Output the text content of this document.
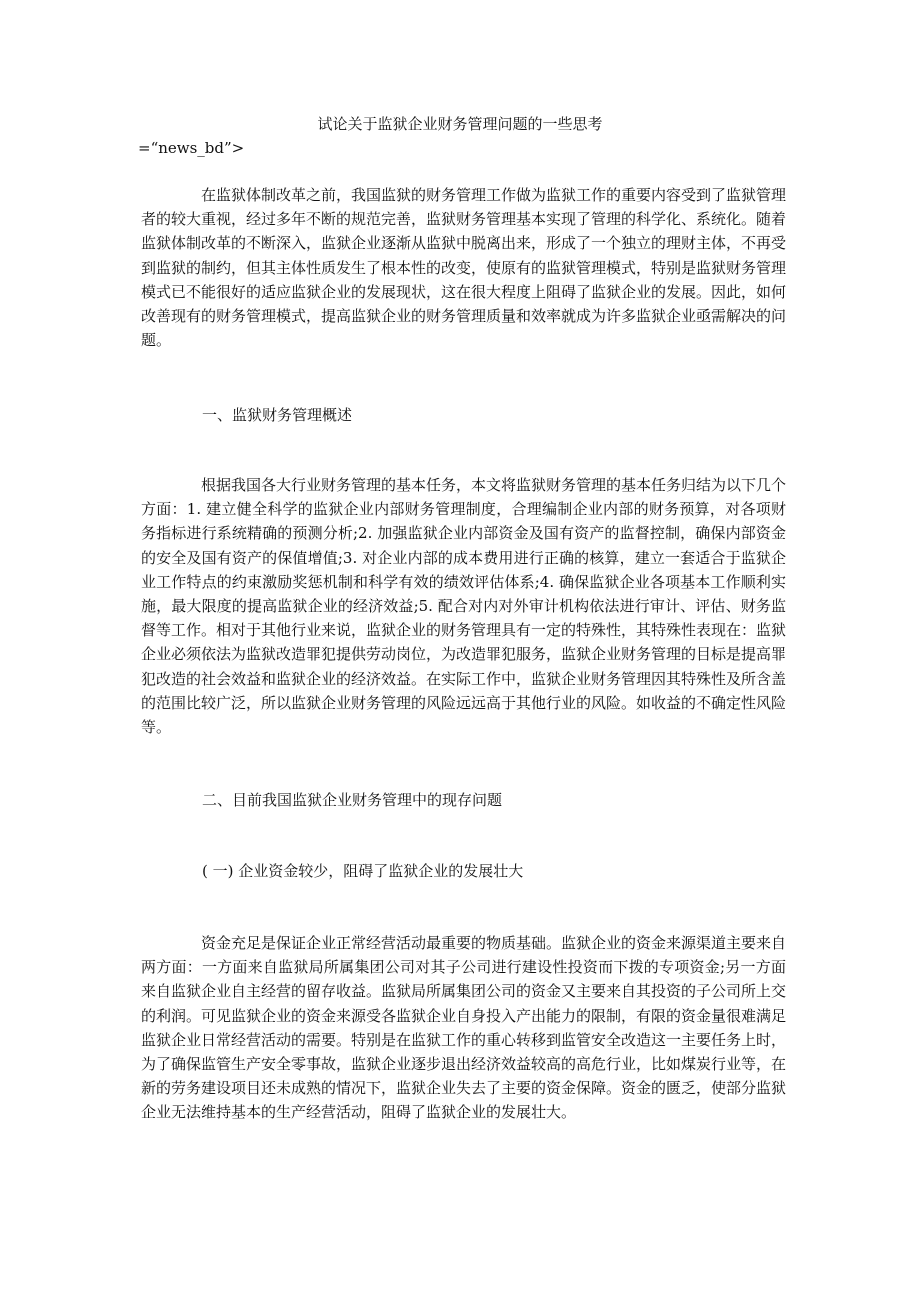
试论关于监狱企业财务管理问题的一些思考
=“news_bd”>

在监狱体制改革之前，我国监狱的财务管理工作做为监狱工作的重要内容受到了监狱管理者的较大重视，经过多年不断的规范完善，监狱财务管理基本实现了管理的科学化、系统化。随着监狱体制改革的不断深入，监狱企业逐渐从监狱中脱离出来，形成了一个独立的理财主体，不再受到监狱的制约，但其主体性质发生了根本性的改变，使原有的监狱管理模式，特别是监狱财务管理模式已不能很好的适应监狱企业的发展现状，这在很大程度上阻碍了监狱企业的发展。因此，如何改善现有的财务管理模式，提高监狱企业的财务管理质量和效率就成为许多监狱企业亟需解决的问题。

一、监狱财务管理概述

根据我国各大行业财务管理的基本任务，本文将监狱财务管理的基本任务归结为以下几个方面：1. 建立健全科学的监狱企业内部财务管理制度，合理编制企业内部的财务预算，对各项财务指标进行系统精确的预测分析;2. 加强监狱企业内部资金及国有资产的监督控制，确保内部资金的安全及国有资产的保值增值;3. 对企业内部的成本费用进行正确的核算，建立一套适合于监狱企业工作特点的约束激励奖惩机制和科学有效的绩效评估体系;4. 确保监狱企业各项基本工作顺利实施，最大限度的提高监狱企业的经济效益;5. 配合对内对外审计机构依法进行审计、评估、财务监督等工作。相对于其他行业来说，监狱企业的财务管理具有一定的特殊性，其特殊性表现在：监狱企业必须依法为监狱改造罪犯提供劳动岗位，为改造罪犯服务，监狱企业财务管理的目标是提高罪犯改造的社会效益和监狱企业的经济效益。在实际工作中，监狱企业财务管理因其特殊性及所含盖的范围比较广泛，所以监狱企业财务管理的风险远远高于其他行业的风险。如收益的不确定性风险等。

二、目前我国监狱企业财务管理中的现存问题
( 一) 企业资金较少，阻碍了监狱企业的发展壮大

资金充足是保证企业正常经营活动最重要的物质基础。监狱企业的资金来源渠道主要来自两方面：一方面来自监狱局所属集团公司对其子公司进行建设性投资而下拨的专项资金;另一方面来自监狱企业自主经营的留存收益。监狱局所属集团公司的资金又主要来自其投资的子公司所上交的利润。可见监狱企业的资金来源受各监狱企业自身投入产出能力的限制，有限的资金量很难满足监狱企业日常经营活动的需要。特别是在监狱工作的重心转移到监管安全改造这一主要任务上时，为了确保监管生产安全零事故，监狱企业逐步退出经济效益较高的高危行业，比如煤炭行业等，在新的劳务建设项目还未成熟的情况下，监狱企业失去了主要的资金保障。资金的匮乏，使部分监狱企业无法维持基本的生产经营活动，阻碍了监狱企业的发展壮大。
